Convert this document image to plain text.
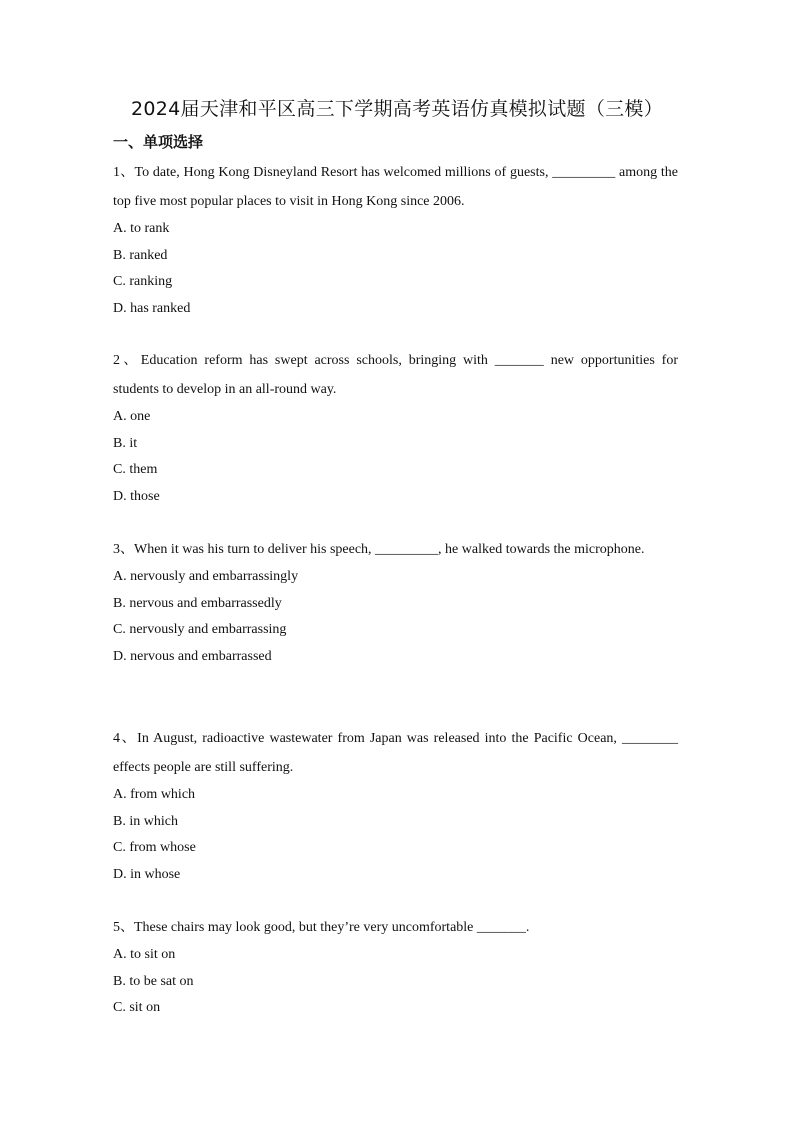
2024届天津和平区高三下学期高考英语仿真模拟试题（三模）
一、单项选择
1、To date, Hong Kong Disneyland Resort has welcomed millions of guests, _________ among the top five most popular places to visit in Hong Kong since 2006.
A. to rank
B. ranked
C. ranking
D. has ranked
2、Education reform has swept across schools, bringing with _______ new opportunities for students to develop in an all-round way.
A. one
B. it
C. them
D. those
3、When it was his turn to deliver his speech, _________, he walked towards the microphone.
A. nervously and embarrassingly
B. nervous and embarrassedly
C. nervously and embarrassing
D. nervous and embarrassed
4、In August, radioactive wastewater from Japan was released into the Pacific Ocean, ________ effects people are still suffering.
A. from which
B. in which
C. from whose
D. in whose
5、These chairs may look good, but they’re very uncomfortable _______.
A. to sit on
B. to be sat on
C. sit on
